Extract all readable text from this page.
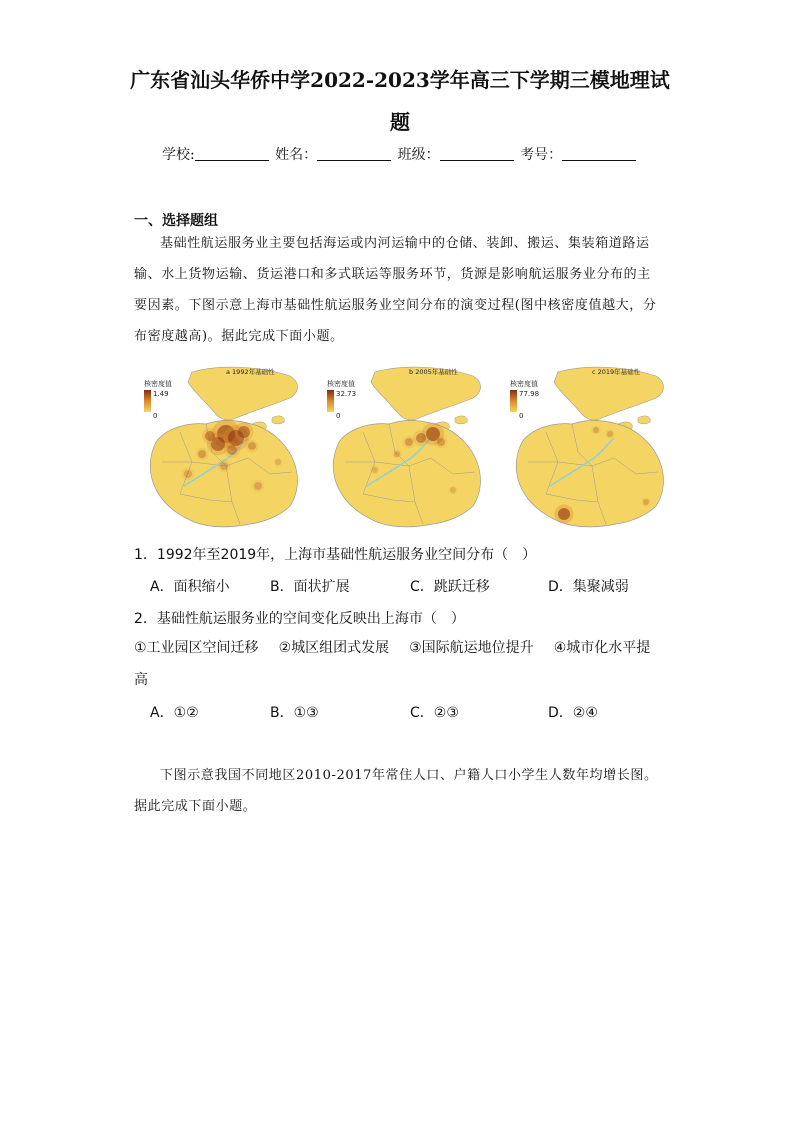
广东省汕头华侨中学2022-2023学年高三下学期三模地理试
题
学校:	姓名：	班级：	考号：
一、选择题组
基础性航运服务业主要包括海运或内河运输中的仓储、装卸、搬运、集装箱道路运输、水上货物运输、货运港口和多式联运等服务环节，货源是影响航运服务业分布的主要因素。下图示意上海市基础性航运服务业空间分布的演变过程(图中核密度值越大，分布密度越高)。据此完成下面小题。
a 1992年基础性
核密度值
1.49
0
b 2005年基础性
核密度值
32.73
0
c 2019年基础性
核密度值
77.98
0
1．1992年至2019年，上海市基础性航运服务业空间分布（　）
A．面积缩小	B．面状扩展	C．跳跃迁移	D．集聚减弱
2．基础性航运服务业的空间变化反映出上海市（　）
①工业园区空间迁移 ②城区组团式发展 ③国际航运地位提升 ④城市化水平提
高
A．①②	B．①③	C．②③	D．②④
下图示意我国不同地区2010-2017年常住人口、户籍人口小学生人数年均增长图。据此完成下面小题。
